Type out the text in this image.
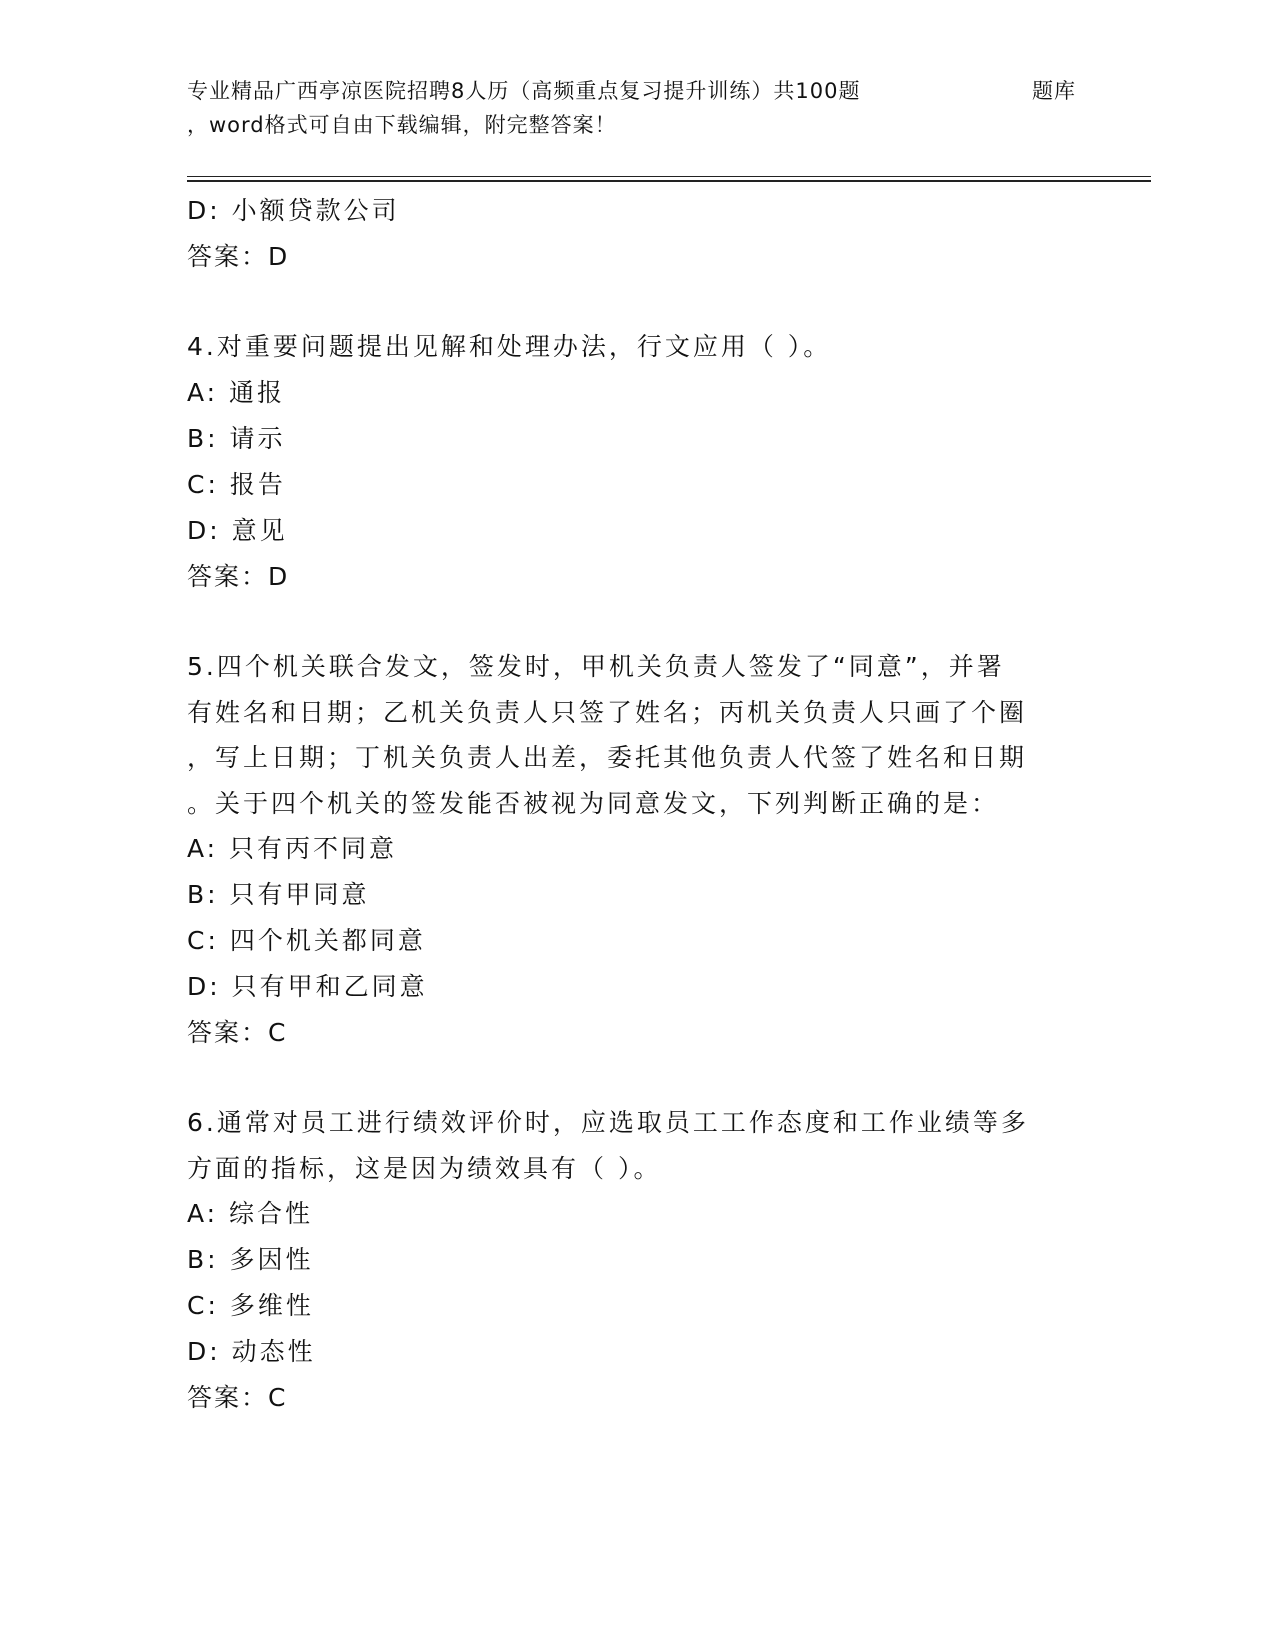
专业精品广西亭凉医院招聘8人历（高频重点复习提升训练）共100题	题库
，word格式可自由下载编辑，附完整答案！
D: 小额贷款公司
答案：D
4.对重要问题提出见解和处理办法，行文应用（ ）。
A: 通报
B: 请示
C: 报告
D: 意见
答案：D
5.四个机关联合发文，签发时，甲机关负责人签发了“同意”，并署
有姓名和日期；乙机关负责人只签了姓名；丙机关负责人只画了个圈
，写上日期；丁机关负责人出差，委托其他负责人代签了姓名和日期
。关于四个机关的签发能否被视为同意发文，下列判断正确的是：
A: 只有丙不同意
B: 只有甲同意
C: 四个机关都同意
D: 只有甲和乙同意
答案：C
6.通常对员工进行绩效评价时，应选取员工工作态度和工作业绩等多
方面的指标，这是因为绩效具有（ ）。
A: 综合性
B: 多因性
C: 多维性
D: 动态性
答案：C
